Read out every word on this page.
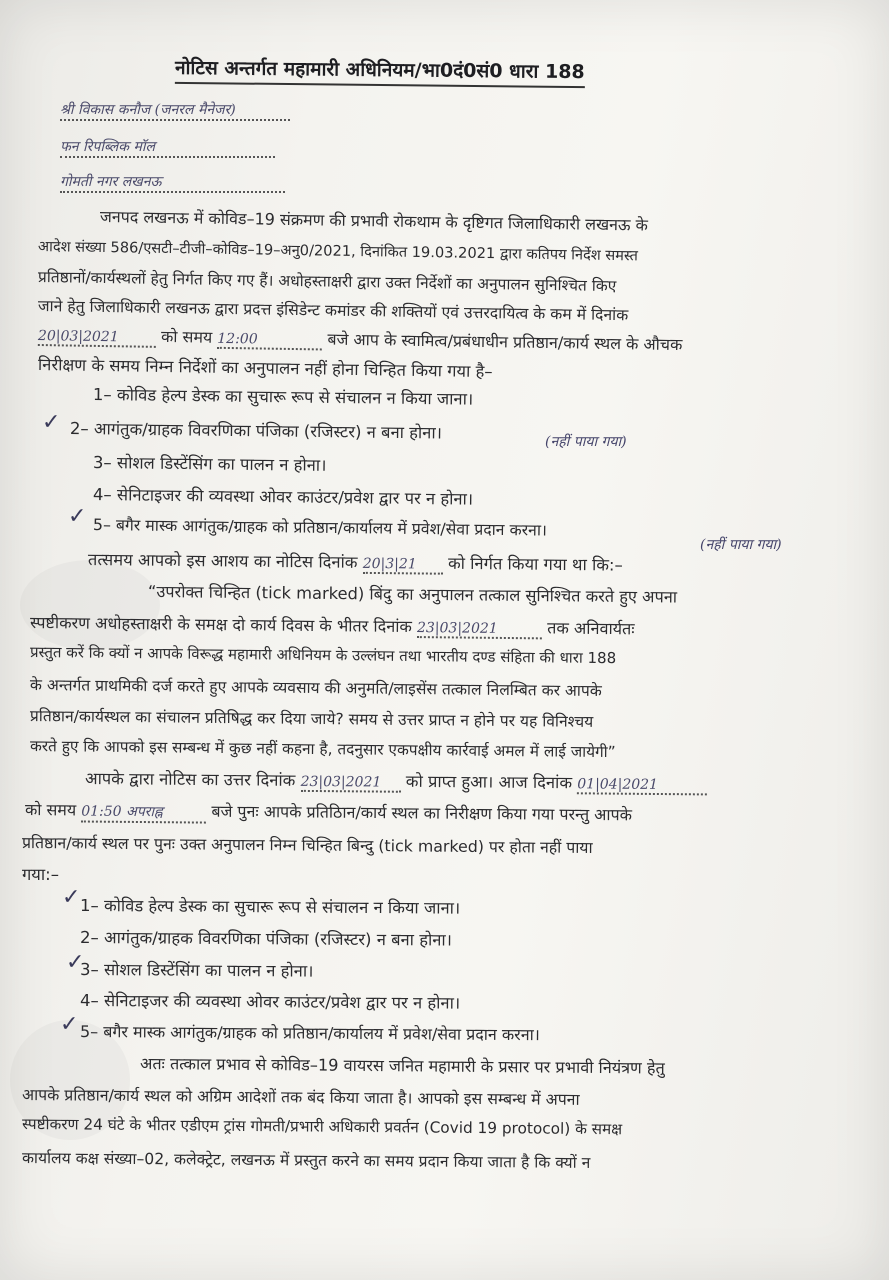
नोटिस अन्तर्गत महामारी अधिनियम/भा0दं0सं0 धारा 188
श्री विकास कनौज (जनरल मैनेजर)
फन रिपब्लिक मॉल
गोमती नगर लखनऊ
जनपद लखनऊ में कोविड–19 संक्रमण की प्रभावी रोकथाम के दृष्टिगत जिलाधिकारी लखनऊ के
आदेश संख्या 586/एसटी–टीजी–कोविड–19–अनु0/2021, दिनांकित 19.03.2021 द्वारा कतिपय निर्देश समस्त
प्रतिष्ठानों/कार्यस्थलों हेतु निर्गत किए गए हैं। अधोहस्ताक्षरी द्वारा उक्त निर्देशों का अनुपालन सुनिश्चित किए
जाने हेतु जिलाधिकारी लखनऊ द्वारा प्रदत्त इंसिडेन्ट कमांडर की शक्तियों एवं उत्तरदायित्व के कम में दिनांक
20|03|2021	को समय 12:00	बजे आप के स्वामित्व/प्रबंधाधीन प्रतिष्ठान/कार्य स्थल के औचक
निरीक्षण के समय निम्न निर्देशों का अनुपालन नहीं होना चिन्हित किया गया है–
1– कोविड हेल्प डेस्क का सुचारू रूप से संचालन न किया जाना।
✓ 2– आगंतुक/ग्राहक विवरणिका पंजिका (रजिस्टर) न बना होना।	(नहीं पाया गया)
3– सोशल डिस्टेंसिंग का पालन न होना।
4– सेनिटाइजर की व्यवस्था ओवर काउंटर/प्रवेश द्वार पर न होना।
✓ 5– बगैर मास्क आगंतुक/ग्राहक को प्रतिष्ठान/कार्यालय में प्रवेश/सेवा प्रदान करना।
(नहीं पाया गया)
तत्समय आपको इस आशय का नोटिस दिनांक 20|3|21 को निर्गत किया गया था कि:–
“उपरोक्त चिन्हित (tick marked) बिंदु का अनुपालन तत्काल सुनिश्चित करते हुए अपना
स्पष्टीकरण अधोहस्ताक्षरी के समक्ष दो कार्य दिवस के भीतर दिनांक 23|03|2021	तक अनिवार्यतः
प्रस्तुत करें कि क्यों न आपके विरूद्ध महामारी अधिनियम के उल्लंघन तथा भारतीय दण्ड संहिता की धारा 188
के अन्तर्गत प्राथमिकी दर्ज करते हुए आपके व्यवसाय की अनुमति/लाइसेंस तत्काल निलम्बित कर आपके
प्रतिष्ठान/कार्यस्थल का संचालन प्रतिषिद्ध कर दिया जाये? समय से उत्तर प्राप्त न होने पर यह विनिश्चय
करते हुए कि आपको इस सम्बन्ध में कुछ नहीं कहना है, तदनुसार एकपक्षीय कार्रवाई अमल में लाई जायेगी”
आपके द्वारा नोटिस का उत्तर दिनांक 23|03|2021 को प्राप्त हुआ। आज दिनांक 01|04|2021
को समय 01:50 अपराह्न	बजे पुनः आपके प्रतिठिान/कार्य स्थल का निरीक्षण किया गया परन्तु आपके
प्रतिष्ठान/कार्य स्थल पर पुनः उक्त अनुपालन निम्न चिन्हित बिन्दु (tick marked) पर होता नहीं पाया
गया:–
✓ 1– कोविड हेल्प डेस्क का सुचारू रूप से संचालन न किया जाना।
2– आगंतुक/ग्राहक विवरणिका पंजिका (रजिस्टर) न बना होना।
✓
3– सोशल डिस्टेंसिंग का पालन न होना।
4– सेनिटाइजर की व्यवस्था ओवर काउंटर/प्रवेश द्वार पर न होना।
✓ 5– बगैर मास्क आगंतुक/ग्राहक को प्रतिष्ठान/कार्यालय में प्रवेश/सेवा प्रदान करना।
अतः तत्काल प्रभाव से कोविड–19 वायरस जनित महामारी के प्रसार पर प्रभावी नियंत्रण हेतु
आपके प्रतिष्ठान/कार्य स्थल को अग्रिम आदेशों तक बंद किया जाता है। आपको इस सम्बन्ध में अपना
स्पष्टीकरण 24 घंटे के भीतर एडीएम ट्रांस गोमती/प्रभारी अधिकारी प्रवर्तन (Covid 19 protocol) के समक्ष
कार्यालय कक्ष संख्या–02, कलेक्ट्रेट, लखनऊ में प्रस्तुत करने का समय प्रदान किया जाता है कि क्यों न
